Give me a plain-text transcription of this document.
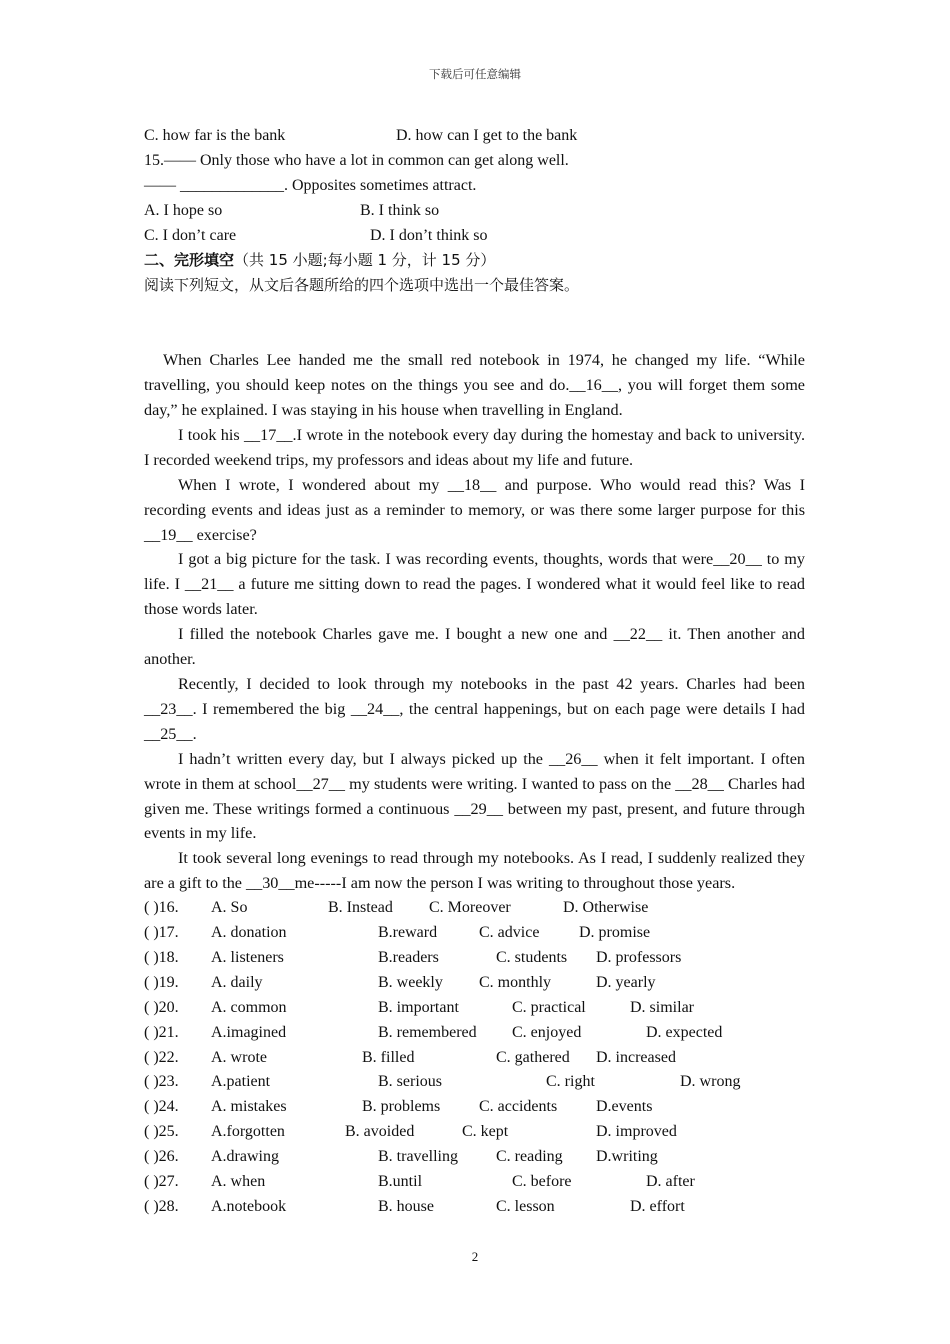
下载后可任意编辑
C. how far is the bank	D. how can I get to the bank
15.—— Only those who have a lot in common can get along well.
—— _____________. Opposites sometimes attract.
A. I hope so	B. I think so
C. I don’t care	D. I don’t think so
二、完形填空（共 15 小题;每小题 1 分，计 15 分）
阅读下列短文，从文后各题所给的四个选项中选出一个最佳答案。

When Charles Lee handed me the small red notebook in 1974, he changed my life. “While travelling, you should keep notes on the things you see and do.__16__, you will forget them some day,” he explained. I was staying in his house when travelling in England.

I took his __17__.I wrote in the notebook every day during the homestay and back to university. I recorded weekend trips, my professors and ideas about my life and future.

When I wrote, I wondered about my __18__ and purpose. Who would read this? Was I recording events and ideas just as a reminder to memory, or was there some larger purpose for this __19__ exercise?

I got a big picture for the task. I was recording events, thoughts, words that were__20__ to my life. I __21__ a future me sitting down to read the pages. I wondered what it would feel like to read those words later.

I filled the notebook Charles gave me. I bought a new one and __22__ it. Then another and another.

Recently, I decided to look through my notebooks in the past 42 years. Charles had been __23__. I remembered the big __24__, the central happenings, but on each page were details I had __25__.

I hadn’t written every day, but I always picked up the __26__ when it felt important. I often wrote in them at school__27__ my students were writing. I wanted to pass on the __28__ Charles had given me. These writings formed a continuous __29__ between my past, present, and future through events in my life.

It took several long evenings to read through my notebooks. As I read, I suddenly realized they are a gift to the __30__me-----I am now the person I was writing to throughout those years.

( )16. A. So	B. Instead C. Moreover	D. Otherwise
( )17. A. donation	B.reward	C. advice D. promise
( )18. A. listeners	B.readers	C. students D. professors
( )19. A. daily	B. weekly C. monthly	D. yearly
( )20. A. common	B. important	C. practical	D. similar
( )21. A.imagined	B. remembered C. enjoyed	D. expected
( )22. A. wrote	B. filled	C. gathered D. increased
( )23. A.patient	B. serious	C. right	D. wrong
( )24. A. mistakes	B. problems C. accidents D.events
( )25. A.forgotten	B. avoided	C. kept	D. improved
( )26. A.drawing	B. travelling C. reading D.writing
( )27. A. when	B.until	C. before	D. after
( )28. A.notebook	B. house	C. lesson	D. effort
2
